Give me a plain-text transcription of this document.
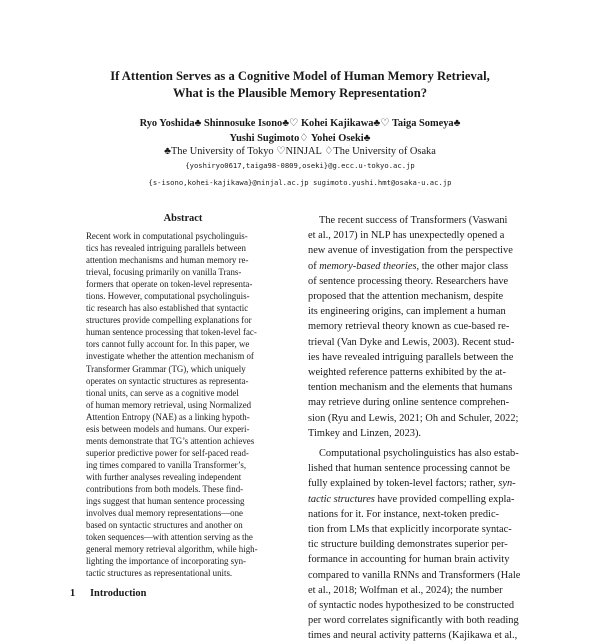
If Attention Serves as a Cognitive Model of Human Memory Retrieval,
What is the Plausible Memory Representation?
Ryo Yoshida♣ Shinnosuke Isono♣♡ Kohei Kajikawa♣♡ Taiga Someya♣
Yushi Sugimoto♢ Yohei Oseki♣
♣The University of Tokyo ♡NINJAL ♢The University of Osaka
{yoshiryo0617,taiga98-0809,oseki}@g.ecc.u-tokyo.ac.jp
{s-isono,kohei-kajikawa}@ninjal.ac.jp sugimoto.yushi.hmt@osaka-u.ac.jp
Abstract
Recent work in computational psycholinguis-
tics has revealed intriguing parallels between
attention mechanisms and human memory re-
trieval, focusing primarily on vanilla Trans-
formers that operate on token-level representa-
tions. However, computational psycholinguis-
tic research has also established that syntactic
structures provide compelling explanations for
human sentence processing that token-level fac-
tors cannot fully account for. In this paper, we
investigate whether the attention mechanism of
Transformer Grammar (TG), which uniquely
operates on syntactic structures as representa-
tional units, can serve as a cognitive model
of human memory retrieval, using Normalized
Attention Entropy (NAE) as a linking hypoth-
esis between models and humans. Our experi-
ments demonstrate that TG’s attention achieves
superior predictive power for self-paced read-
ing times compared to vanilla Transformer’s,
with further analyses revealing independent
contributions from both models. These find-
ings suggest that human sentence processing
involves dual memory representations—one
based on syntactic structures and another on
token sequences—with attention serving as the
general memory retrieval algorithm, while high-
lighting the importance of incorporating syn-
tactic structures as representational units.
The recent success of Transformers (Vaswani
et al., 2017) in NLP has unexpectedly opened a
new avenue of investigation from the perspective
of memory-based theories, the other major class
of sentence processing theory. Researchers have
proposed that the attention mechanism, despite
its engineering origins, can implement a human
memory retrieval theory known as cue-based re-
trieval (Van Dyke and Lewis, 2003). Recent stud-
ies have revealed intriguing parallels between the
weighted reference patterns exhibited by the at-
tention mechanism and the elements that humans
may retrieve during online sentence comprehen-
sion (Ryu and Lewis, 2021; Oh and Schuler, 2022;
Timkey and Linzen, 2023).
Computational psycholinguistics has also estab-
lished that human sentence processing cannot be
fully explained by token-level factors; rather, syn-
tactic structures have provided compelling expla-
nations for it. For instance, next-token predic-
tion from LMs that explicitly incorporate syntac-
tic structure building demonstrates superior per-
formance in accounting for human brain activity
compared to vanilla RNNs and Transformers (Hale
et al., 2018; Wolfman et al., 2024); the number
of syntactic nodes hypothesized to be constructed
per word correlates significantly with both reading
times and neural activity patterns (Kajikawa et al.,
1 Introduction
